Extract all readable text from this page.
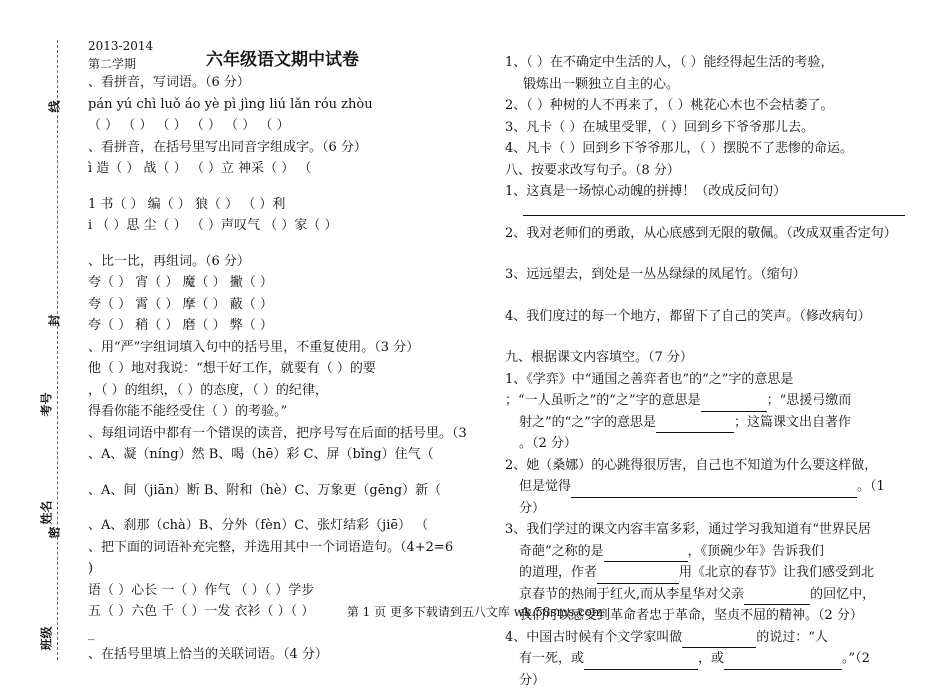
线
封
考号
姓名
密
班级
2013-2014
第二学期	六年级语文期中试卷
、看拼音，写词语。（6 分）
pán yú chì luǒ áo yè pì jìng liú lǎn róu zhòu
（ ） （ ） （ ） （ ） （ ） （ ）
、看拼音，在括号里写出同音字组成字。（6 分）
ì 造（ ） 战（ ） （ ）立 神采（ ） （
1 书（ ） 编（ ） 狼（ ） （ ）利
i （ ）思 尘（ ） （ ）声叹气 （ ）家（ ）
、比一比，再组词。（6 分）
夸（ ） 宵（ ） 魔（ ） 撇（ ）
夸（ ） 霄（ ） 摩（ ） 蔽（ ）
夸（ ） 稍（ ） 磨（ ） 弊（ ）
、用“严”字组词填入句中的括号里，不重复使用。（3 分）
他（ ）地对我说：“想干好工作，就要有（ ）的要
，（ ）的组织，（ ）的态度，（ ）的纪律，
得看你能不能经受住（ ）的考验。”
、每组词语中都有一个错误的读音，把序号写在后面的括号里。（3
、A、凝（níng）然 B、喝（hē）彩 C、屏（bǐng）住气（
、A、间（jiān）断 B、附和（hè）C、万象更（gēng）新（
、A、刹那（chà）B、分外（fèn）C、张灯结彩（jiē） （
、把下面的词语补充完整，并选用其中一个词语造句。（4+2=6
)
语（ ）心长 一（ ）作气 （ ）（ ）学步
五（ ）六色 千（ ）一发 衣衫（ ）（ ）
_
、在括号里填上恰当的关联词语。（4 分）
1、（ ）在不确定中生活的人，（ ）能经得起生活的考验，
锻炼出一颗独立自主的心。
2、（ ）种树的人不再来了，（ ）桃花心木也不会枯萎了。
3、凡卡（ ）在城里受罪，（ ）回到乡下爷爷那儿去。
4、凡卡（ ）回到乡下爷爷那儿，（ ）摆脱不了悲惨的命运。
八、按要求改写句子。（8 分）
1、这真是一场惊心动魄的拼搏！（改成反问句）
2、我对老师们的勇敢，从心底感到无限的敬佩。（改成双重否定句）
3、远远望去，到处是一丛丛绿绿的凤尾竹。（缩句）
4、我们度过的每一个地方，都留下了自己的笑声。（修改病句）
九、根据课文内容填空。（7 分）
1、《学弈》中“通国之善弈者也”的“之”字的意思是
；“一人虽听之”的“之”字的意思是	；“思援弓缴而
射之”的“之”字的意思是	；这篇课文出自著作
。（2 分）
2、她（桑娜）的心跳得很厉害，自己也不知道为什么要这样做，
但是觉得	。（1
分）
3、我们学过的课文内容丰富多彩，通过学习我知道有“世界民居
奇葩”之称的是	，《顶碗少年》告诉我们
的道理，作者	用《北京的春节》让我们感受到北
京春节的热闹于红火,而从李星华对父亲	的回忆中，
我们可以感受到革命者忠于革命，坚贞不屈的精神。（2 分）
4、中国古时候有个文学家叫做	的说过：“人
有一死，或	，或	。”（2
分）
第 1 页 更多下载请到五八文库 wk.58sms.com
